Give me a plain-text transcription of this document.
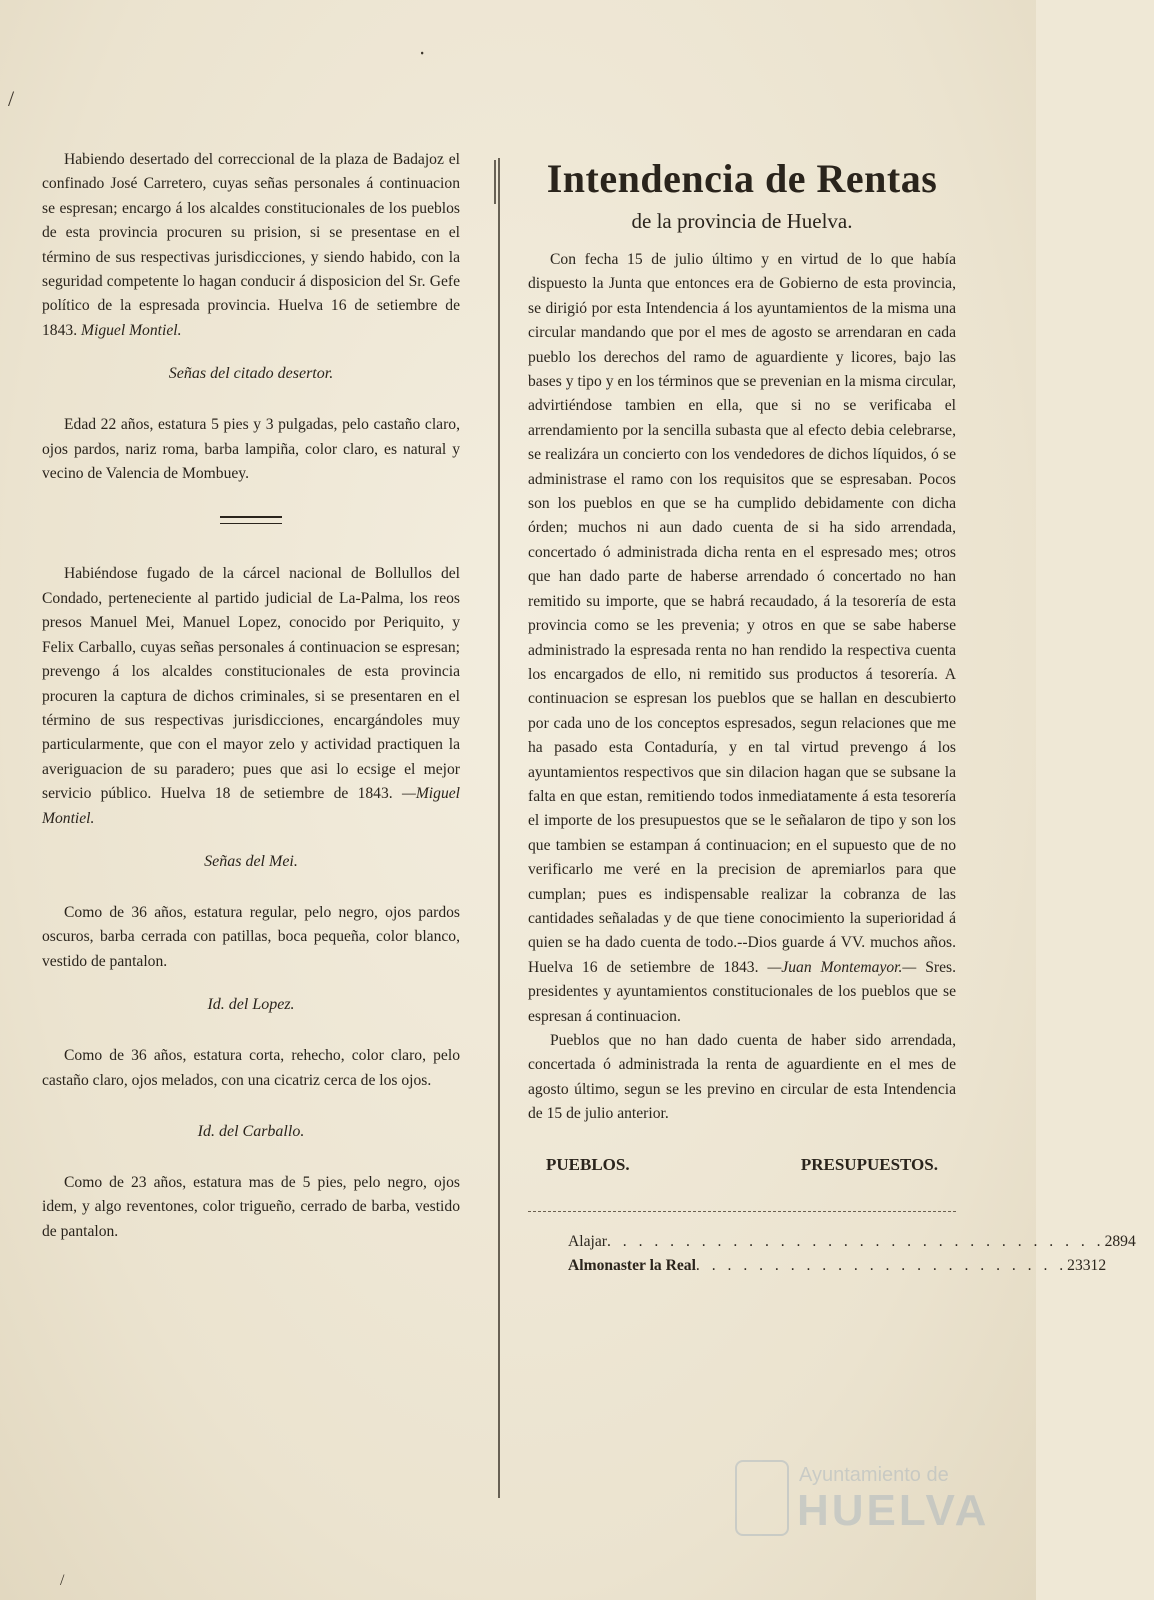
/
ꞏ

Habiendo desertado del correccional de la plaza de Badajoz el confinado José Carretero, cuyas señas personales á continuacion se espresan; encargo á los alcaldes constitucionales de los pueblos de esta provincia procuren su prision, si se presentase en el término de sus respectivas jurisdicciones, y siendo habido, con la seguridad competente lo hagan conducir á disposicion del Sr. Gefe político de la espresada provincia. Huelva 16 de setiembre de 1843. Miguel Montiel.

Señas del citado desertor.

Edad 22 años, estatura 5 pies y 3 pulgadas, pelo castaño claro, ojos pardos, nariz roma, barba lampiña, color claro, es natural y vecino de Valencia de Mombuey.

Habiéndose fugado de la cárcel nacional de Bollullos del Condado, perteneciente al partido judicial de La-Palma, los reos presos Manuel Mei, Manuel Lopez, conocido por Periquito, y Felix Carballo, cuyas señas personales á continuacion se espresan; prevengo á los alcaldes constitucionales de esta provincia procuren la captura de dichos criminales, si se presentaren en el término de sus respectivas jurisdicciones, encargándoles muy particularmente, que con el mayor zelo y actividad practiquen la averiguacion de su paradero; pues que asi lo ecsige el mejor servicio público. Huelva 18 de setiembre de 1843. —Miguel Montiel.

Señas del Mei.

Como de 36 años, estatura regular, pelo negro, ojos pardos oscuros, barba cerrada con patillas, boca pequeña, color blanco, vestido de pantalon.

Id. del Lopez.

Como de 36 años, estatura corta, rehecho, color claro, pelo castaño claro, ojos melados, con una cicatriz cerca de los ojos.

Id. del Carballo.

Como de 23 años, estatura mas de 5 pies, pelo negro, ojos idem, y algo reventones, color trigueño, cerrado de barba, vestido de pantalon.

Intendencia de Rentas

de la provincia de Huelva.

Con fecha 15 de julio último y en virtud de lo que había dispuesto la Junta que entonces era de Gobierno de esta provincia, se dirigió por esta Intendencia á los ayuntamientos de la misma una circular mandando que por el mes de agosto se arrendaran en cada pueblo los derechos del ramo de aguardiente y licores, bajo las bases y tipo y en los términos que se prevenian en la misma circular, advirtiéndose tambien en ella, que si no se verificaba el arrendamiento por la sencilla subasta que al efecto debia celebrarse, se realizára un concierto con los vendedores de dichos líquidos, ó se administrase el ramo con los requisitos que se espresaban. Pocos son los pueblos en que se ha cumplido debidamente con dicha órden; muchos ni aun dado cuenta de si ha sido arrendada, concertado ó administrada dicha renta en el espresado mes; otros que han dado parte de haberse arrendado ó concertado no han remitido su importe, que se habrá recaudado, á la tesorería de esta provincia como se les prevenia; y otros en que se sabe haberse administrado la espresada renta no han rendido la respectiva cuenta los encargados de ello, ni remitido sus productos á tesorería. A continuacion se espresan los pueblos que se hallan en descubierto por cada uno de los conceptos espresados, segun relaciones que me ha pasado esta Contaduría, y en tal virtud prevengo á los ayuntamientos respectivos que sin dilacion hagan que se subsane la falta en que estan, remitiendo todos inmediatamente á esta tesorería el importe de los presupuestos que se le señalaron de tipo y son los que tambien se estampan á continuacion; en el supuesto que de no verificarlo me veré en la precision de apremiarlos para que cumplan; pues es indispensable realizar la cobranza de las cantidades señaladas y de que tiene conocimiento la superioridad á quien se ha dado cuenta de todo.--Dios guarde á VV. muchos años. Huelva 16 de setiembre de 1843. —Juan Montemayor.— Sres. presidentes y ayuntamientos constitucionales de los pueblos que se espresan á continuacion.

Pueblos que no han dado cuenta de haber sido arrendada, concertada ó administrada la renta de aguardiente en el mes de agosto último, segun se les previno en circular de esta Intendencia de 15 de julio anterior.

PUEBLOS.	PRESUPUESTOS.
Alajar . . . . . . . . . . . . . . . . . . . . . . . . . . . . . . . . 289 4
Almonaster la Real . . . . . . . . . . . . . . . . . . . . . . . . 233 12
Ayuntamiento de
HUELVA
/
